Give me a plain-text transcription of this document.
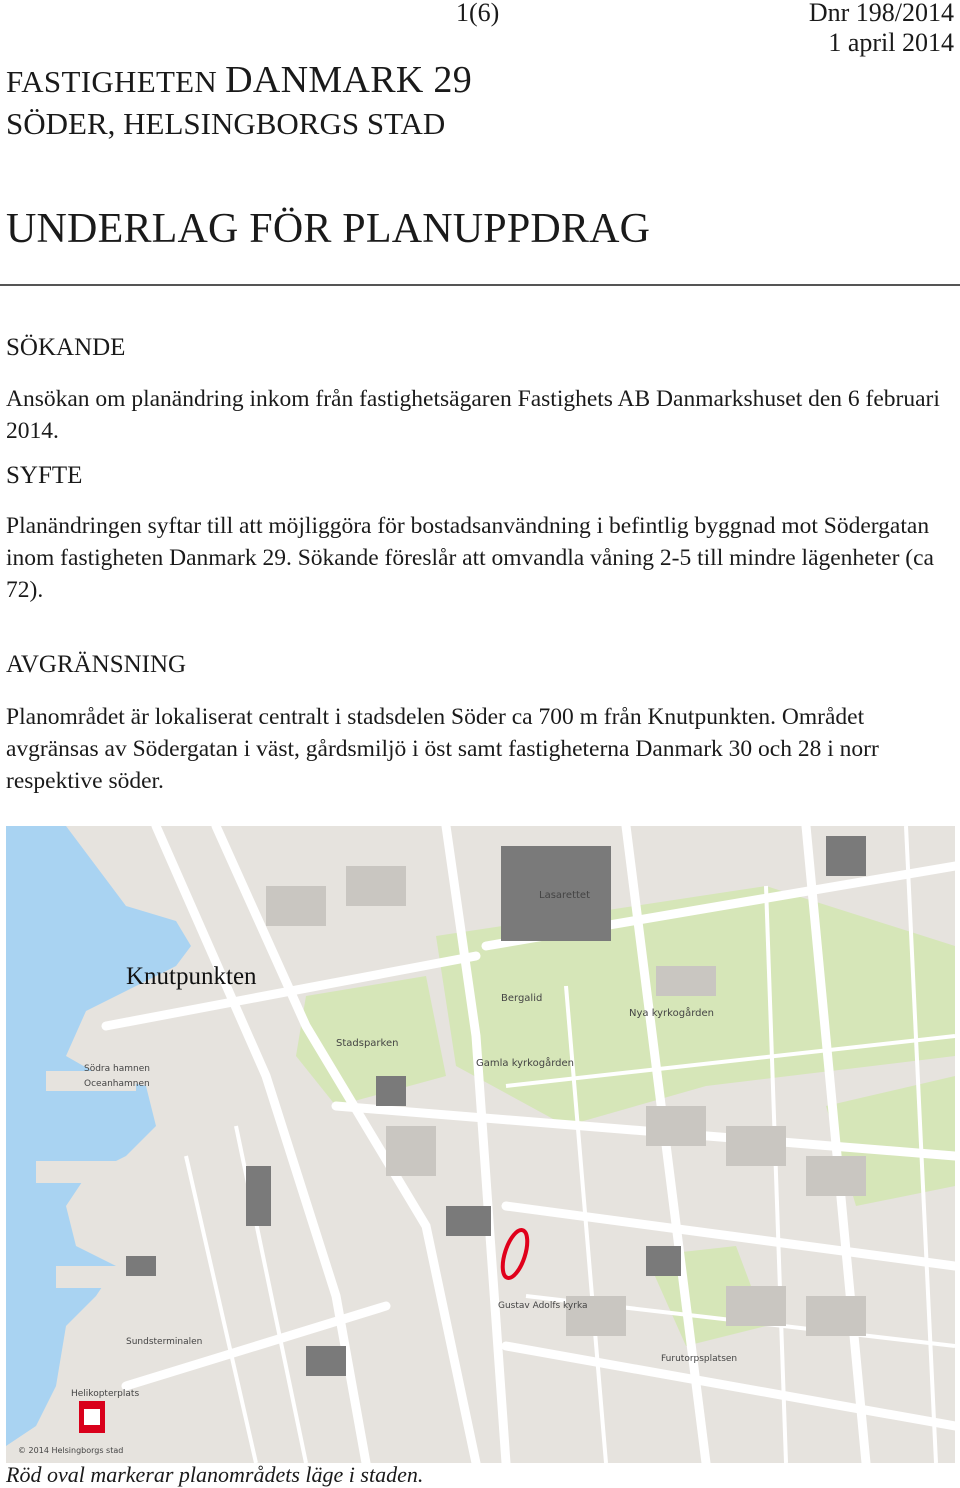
1(6)	Dnr 198/2014
1 april 2014
FASTIGHETEN DANMARK 29
SÖDER, HELSINGBORGS STAD
UNDERLAG FÖR PLANUPPDRAG
SÖKANDE
Ansökan om planändring inkom från fastighetsägaren Fastighets AB Danmarkshuset den 6 februari 2014.
SYFTE
Planändringen syftar till att möjliggöra för bostadsanvändning i befintlig byggnad mot Södergatan inom fastigheten Danmark 29. Sökande föreslår att omvandla våning 2-5 till mindre lägenheter (ca 72).
AVGRÄNSNING
Planområdet är lokaliserat centralt i stadsdelen Söder ca 700 m från Knutpunkten. Området avgränsas av Södergatan i väst, gårdsmiljö i öst samt fastigheterna Danmark 30 och 28 i norr respektive söder.
Lasarettet
Nya kyrkogården
Stadsparken
Gamla kyrkogården
Bergalid
Oceanhamnen
Södra hamnen
Helikopterplats
Sundsterminalen
Furutorpsplatsen
Gustav Adolfs kyrka
© 2014 Helsingborgs stad
Knutpunkten
Röd oval markerar planområdets läge i staden.
